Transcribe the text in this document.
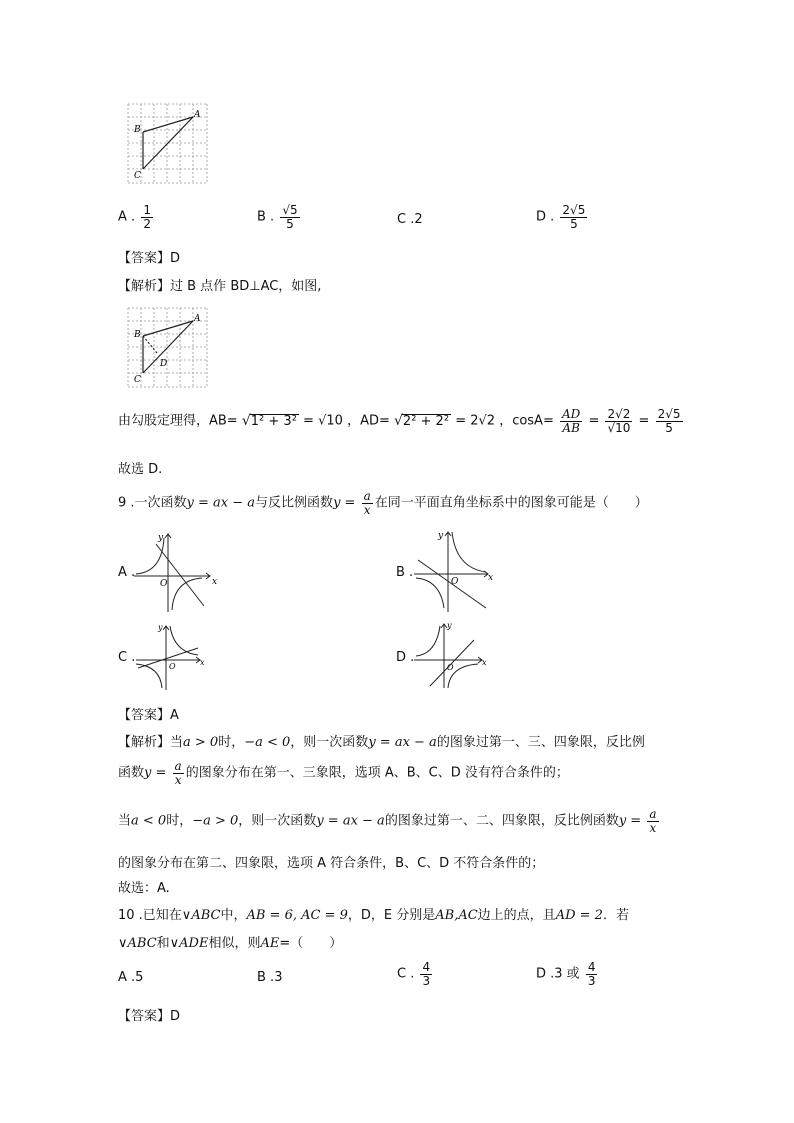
A
B
C
A . $\frac{1}{2}$	B . $\frac{√5}{5}$	C .2	D . $\frac{2√5}{5}$
【答案】D
【解析】过 B 点作 BD⊥AC，如图,
A
B
C
D
由勾股定理得，AB= √1² + 3² = √10 ，AD= √2² + 2² = 2√2 ，$\cos A= \frac{AD}{AB} = \frac{2√2}{√10} = \frac{2√5}{5}$
故选 D.
9 .一次函数y = ax − a与反比例函数$y = \frac{a}{x}$ 在同一平面直角坐标系中的图象可能是（　　）
A .
y
x
O
B .
y
x
O
C .
y
x
O
D .
y
x
O
【答案】A
【解析】当a > 0时，−a < 0，则一次函数y = ax − a的图象过第一、三、四象限，反比例
函数$y = \frac{a}{x}$ 的图象分布在第一、三象限，选项 A、B、C、D 没有符合条件的；
当a < 0时，−a > 0，则一次函数y = ax − a的图象过第一、二、四象限，反比例函数$y = \frac{a}{x}$
的图象分布在第二、四象限，选项 A 符合条件，B、C、D 不符合条件的；
故选：A.
10 .已知在∨ABC中，AB = 6, AC = 9，D，E 分别是AB,AC边上的点，且AD = 2．若
∨ABC和∨ADE相似，则AE=（　　）
A .5	B .3	C . $\frac{4}{3}$	D .3 或 $\frac{4}{3}$
【答案】D
